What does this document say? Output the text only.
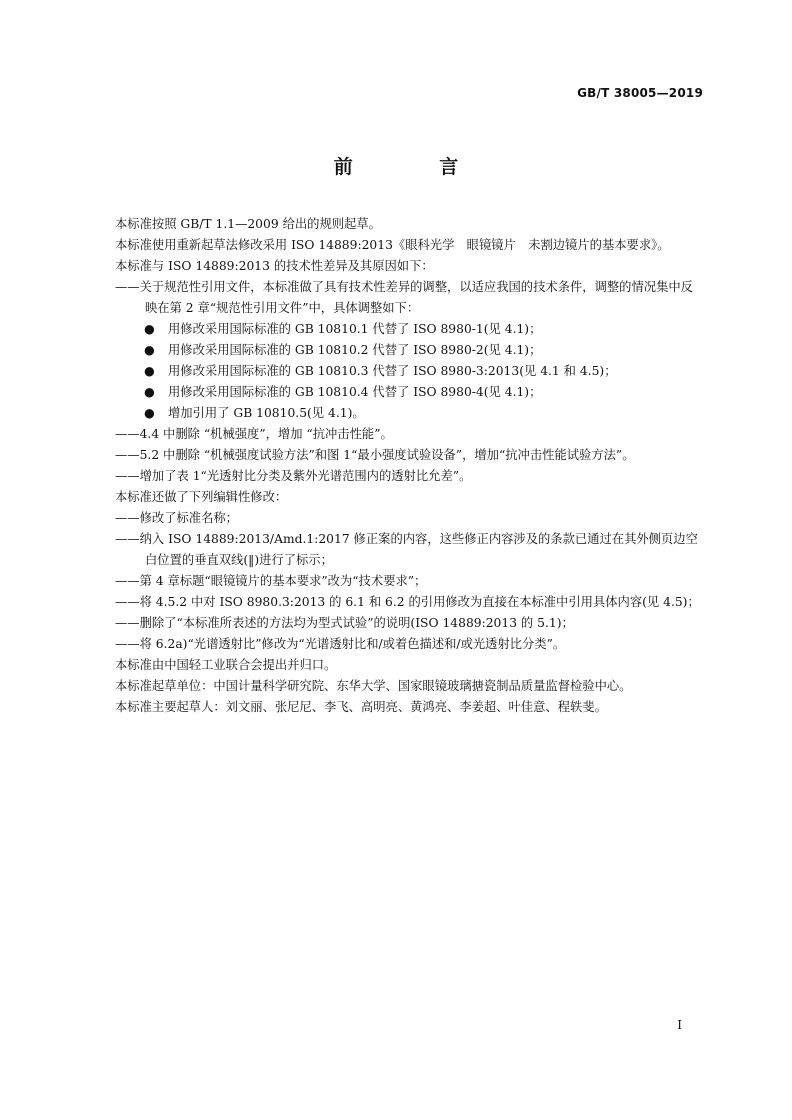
GB/T 38005—2019
前 言

本标准按照 GB/T 1.1—2009 给出的规则起草。

本标准使用重新起草法修改采用 ISO 14889:2013《眼科光学　眼镜镜片　未割边镜片的基本要求》。

本标准与 ISO 14889:2013 的技术性差异及其原因如下：

——关于规范性引用文件，本标准做了具有技术性差异的调整，以适应我国的技术条件，调整的情况集中反映在第 2 章“规范性引用文件”中，具体调整如下：

● 用修改采用国际标准的 GB 10810.1 代替了 ISO 8980-1(见 4.1)；

● 用修改采用国际标准的 GB 10810.2 代替了 ISO 8980-2(见 4.1)；

● 用修改采用国际标准的 GB 10810.3 代替了 ISO 8980-3:2013(见 4.1 和 4.5)；

● 用修改采用国际标准的 GB 10810.4 代替了 ISO 8980-4(见 4.1)；

● 增加引用了 GB 10810.5(见 4.1)。

——4.4 中删除 “机械强度”，增加 “抗冲击性能”。

——5.2 中删除 “机械强度试验方法”和图 1“最小强度试验设备”，增加“抗冲击性能试验方法”。

——增加了表 1“光透射比分类及紫外光谱范围内的透射比允差”。

本标准还做了下列编辑性修改：

——修改了标准名称；

——纳入 ISO 14889:2013/Amd.1:2017 修正案的内容，这些修正内容涉及的条款已通过在其外侧页边空白位置的垂直双线(‖)进行了标示；

——第 4 章标题“眼镜镜片的基本要求”改为“技术要求”；

——将 4.5.2 中对 ISO 8980.3:2013 的 6.1 和 6.2 的引用修改为直接在本标准中引用具体内容(见 4.5)；

——删除了“本标准所表述的方法均为型式试验”的说明(ISO 14889:2013 的 5.1)；

——将 6.2a)“光谱透射比”修改为“光谱透射比和/或着色描述和/或光透射比分类”。

本标准由中国轻工业联合会提出并归口。

本标准起草单位：中国计量科学研究院、东华大学、国家眼镜玻璃搪瓷制品质量监督检验中心。

本标准主要起草人：刘文丽、张尼尼、李飞、高明亮、黄鸿亮、李姜超、叶佳意、程轶斐。

I
